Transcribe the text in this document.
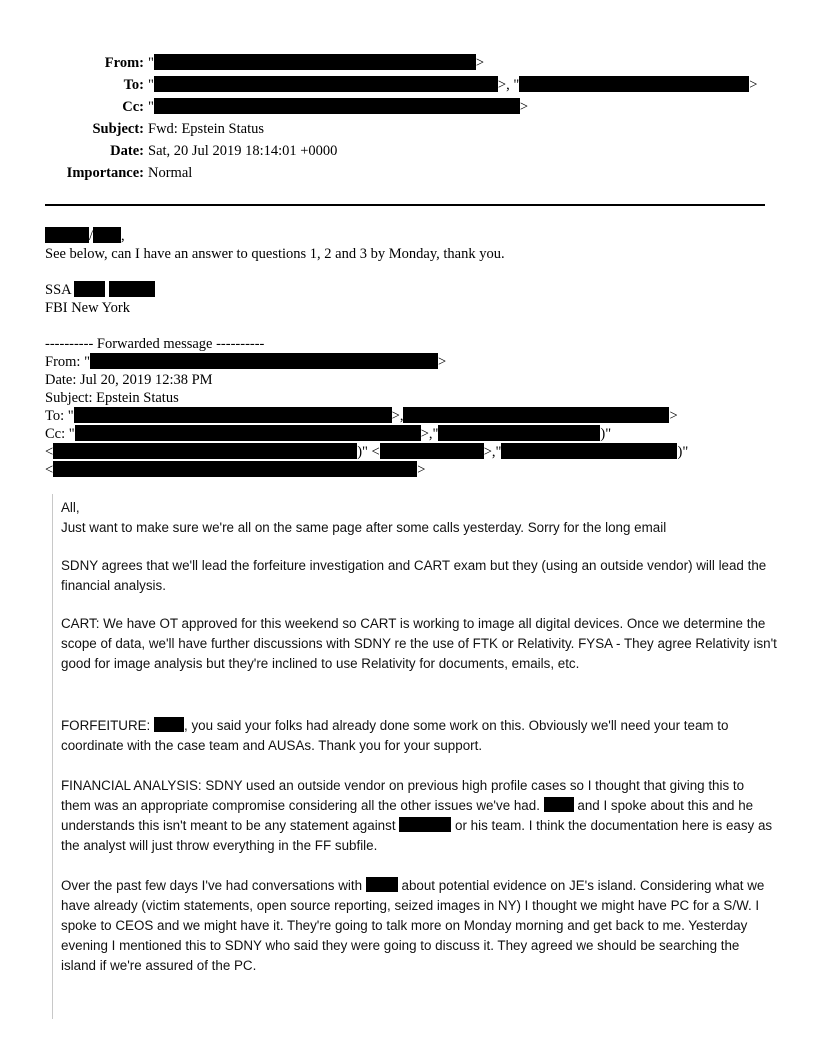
From: "	>
To: "	>, "	>
Cc: "	>
Subject: Fwd: Epstein Status
Date: Sat, 20 Jul 2019 18:14:01 +0000
Importance: Normal
/ ,
See below, can I have an answer to questions 1, 2 and 3 by Monday, thank you.
SSA
FBI New York
---------- Forwarded message ----------
From: "	>
Date: Jul 20, 2019 12:38 PM
Subject: Epstein Status
To: "	>,	>
Cc: "	>,"	)"
<	)" <	>,"	)"
<	>
All,
Just want to make sure we're all on the same page after some calls yesterday. Sorry for the long email
SDNY agrees that we'll lead the forfeiture investigation and CART exam but they (using an outside vendor) will lead the financial analysis.
CART: We have OT approved for this weekend so CART is working to image all digital devices. Once we determine the scope of data, we'll have further discussions with SDNY re the use of FTK or Relativity. FYSA - They agree Relativity isn't good for image analysis but they're inclined to use Relativity for documents, emails, etc.
FORFEITURE:	, you said your folks had already done some work on this. Obviously we'll need your team to coordinate with the case team and AUSAs. Thank you for your support.
FINANCIAL ANALYSIS: SDNY used an outside vendor on previous high profile cases so I thought that giving this to them was an appropriate compromise considering all the other issues we've had.	and I spoke about this and he understands this isn't meant to be any statement against	or his team. I think the documentation here is easy as the analyst will just throw everything in the FF subfile.
Over the past few days I've had conversations with	about potential evidence on JE's island. Considering what we have already (victim statements, open source reporting, seized images in NY) I thought we might have PC for a S/W. I spoke to CEOS and we might have it. They're going to talk more on Monday morning and get back to me. Yesterday evening I mentioned this to SDNY who said they were going to discuss it. They agreed we should be searching the island if we're assured of the PC.
